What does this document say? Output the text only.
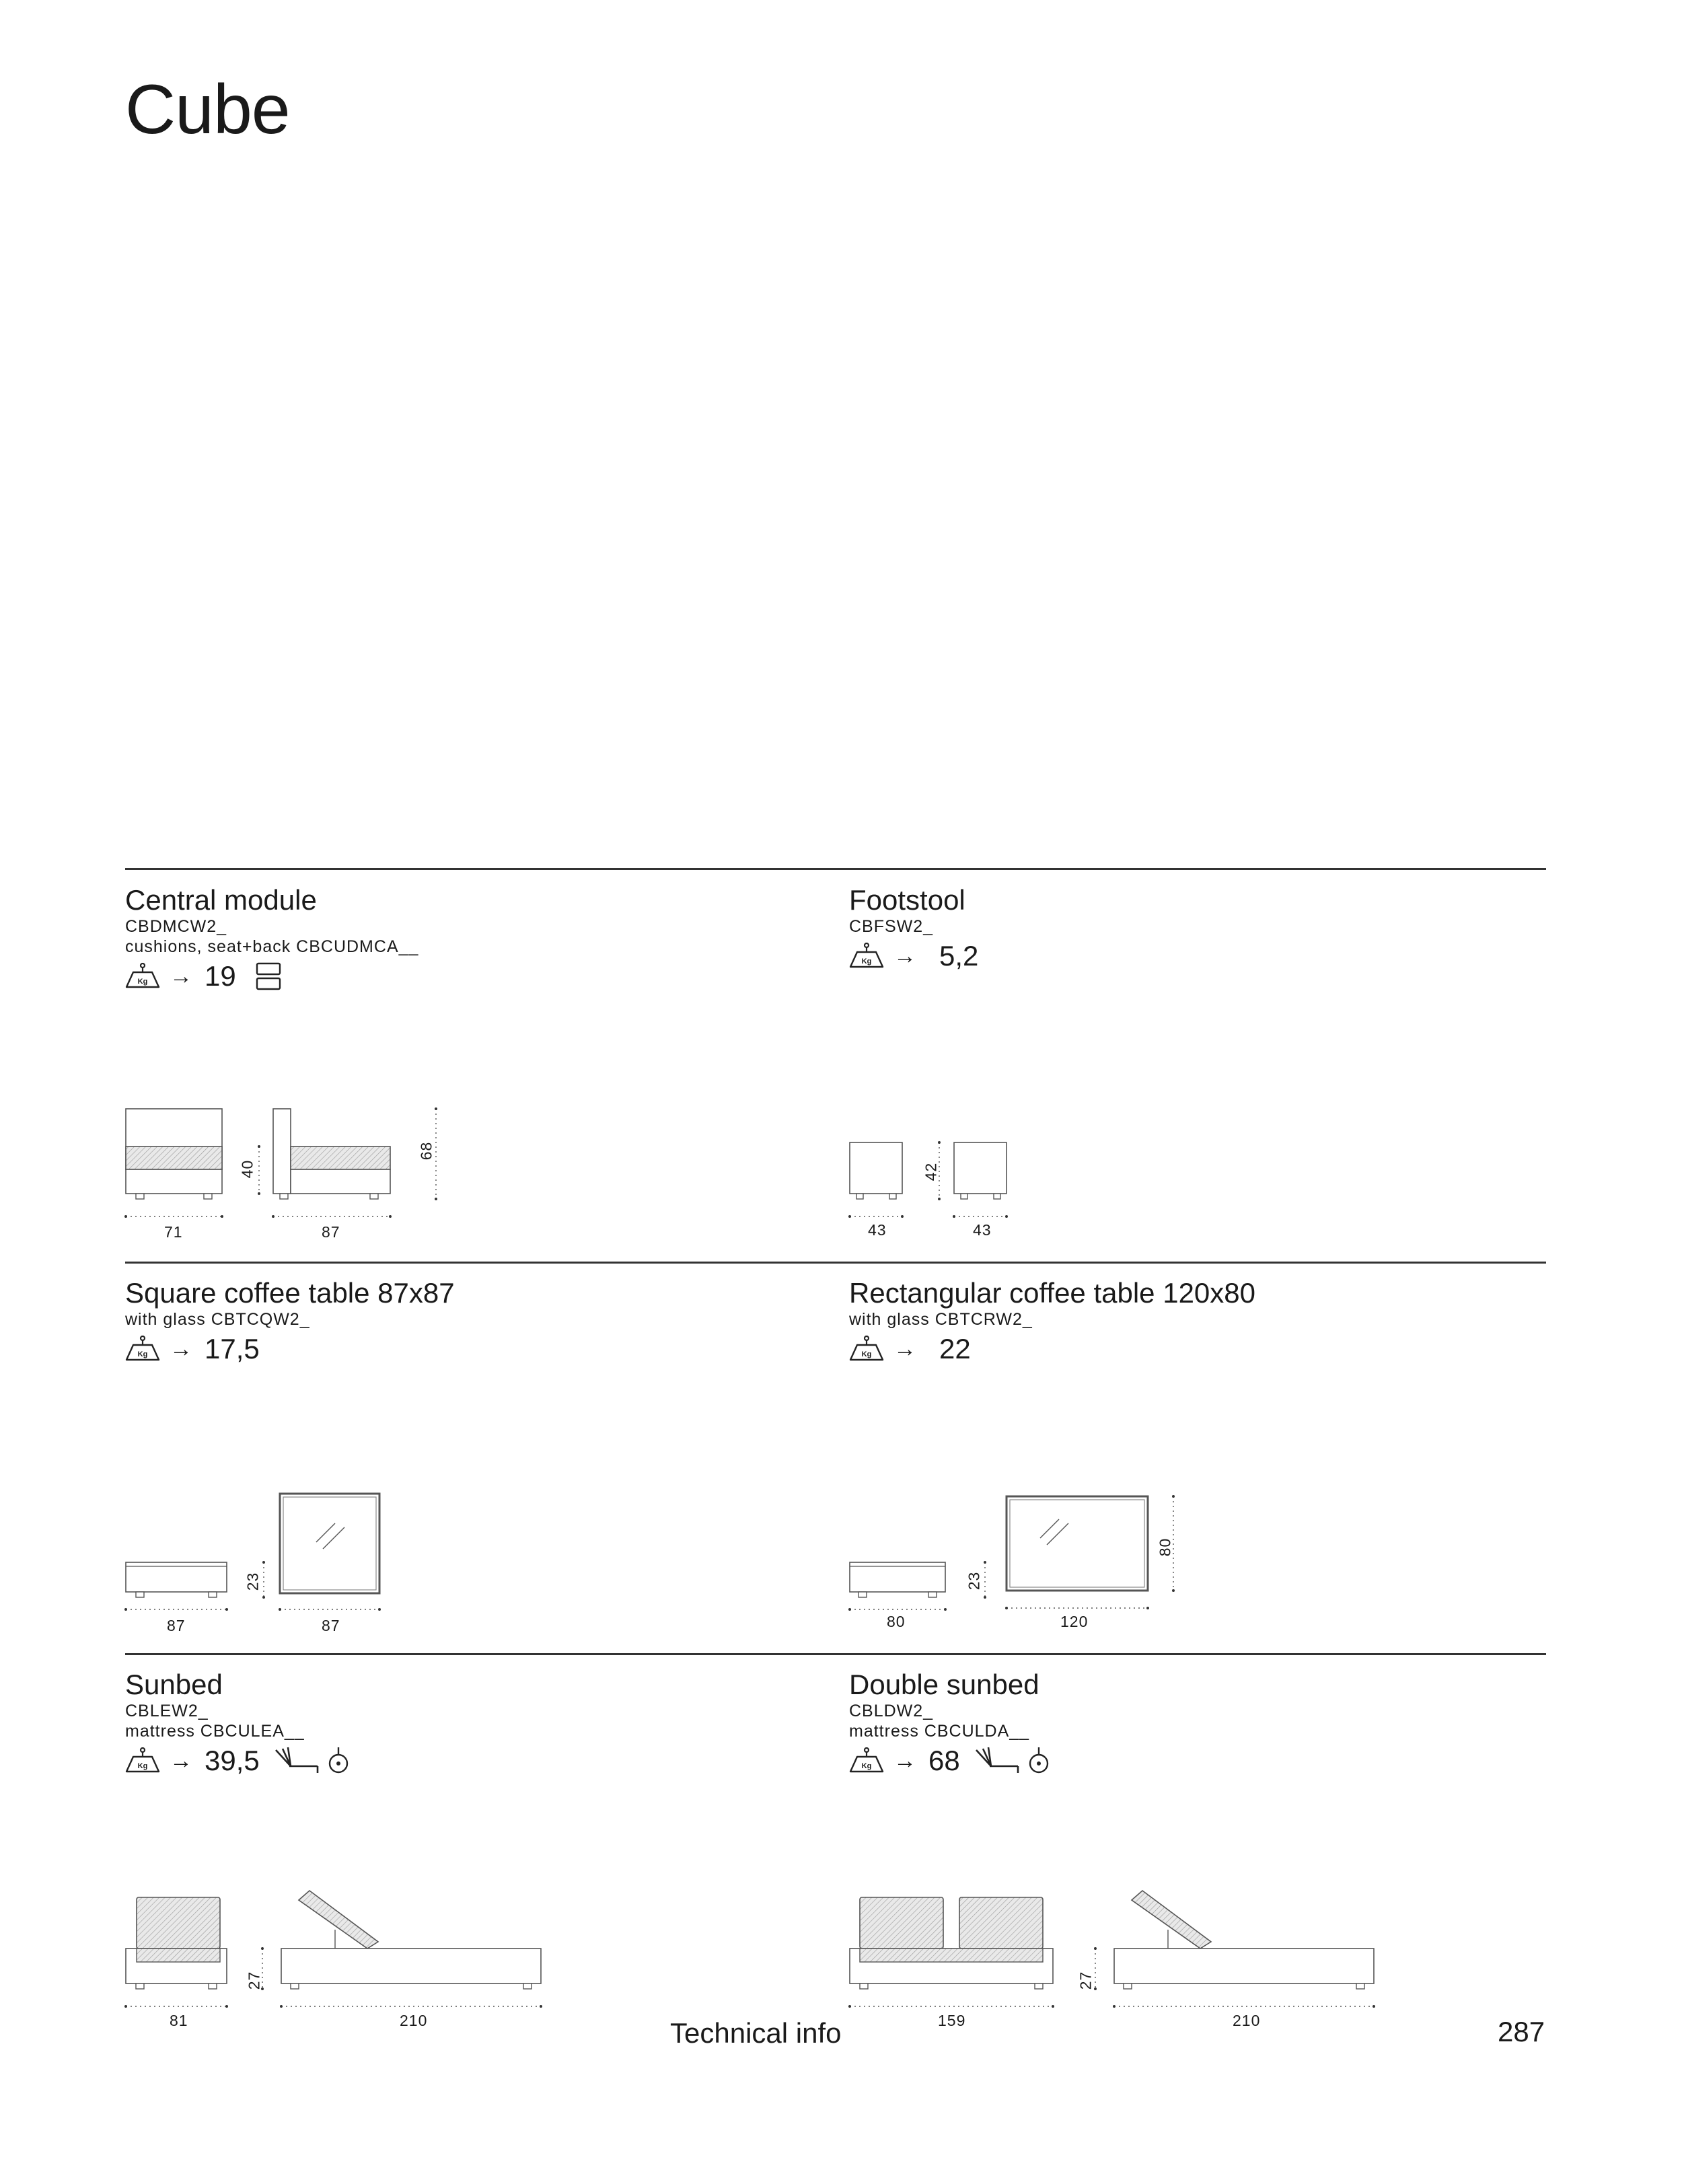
Cube
Central module
CBDMCW2_
cushions, seat+back CBCUDMCA__
Kg → 19
71	87
40
68
Footstool
CBFSW2_
Kg → 5,2
43	43
42
Square coffee table 87x87
with glass CBTCQW2_
Kg → 17,5
87	87
23
Rectangular coffee table 120x80
with glass CBTCRW2_
Kg → 22
80	120
23
80
Sunbed
CBLEW2_
mattress CBCULEA__
Kg → 39,5
81	210
27
Double sunbed
CBLDW2_
mattress CBCULDA__
Kg → 68
159	210
27
Technical info	287
